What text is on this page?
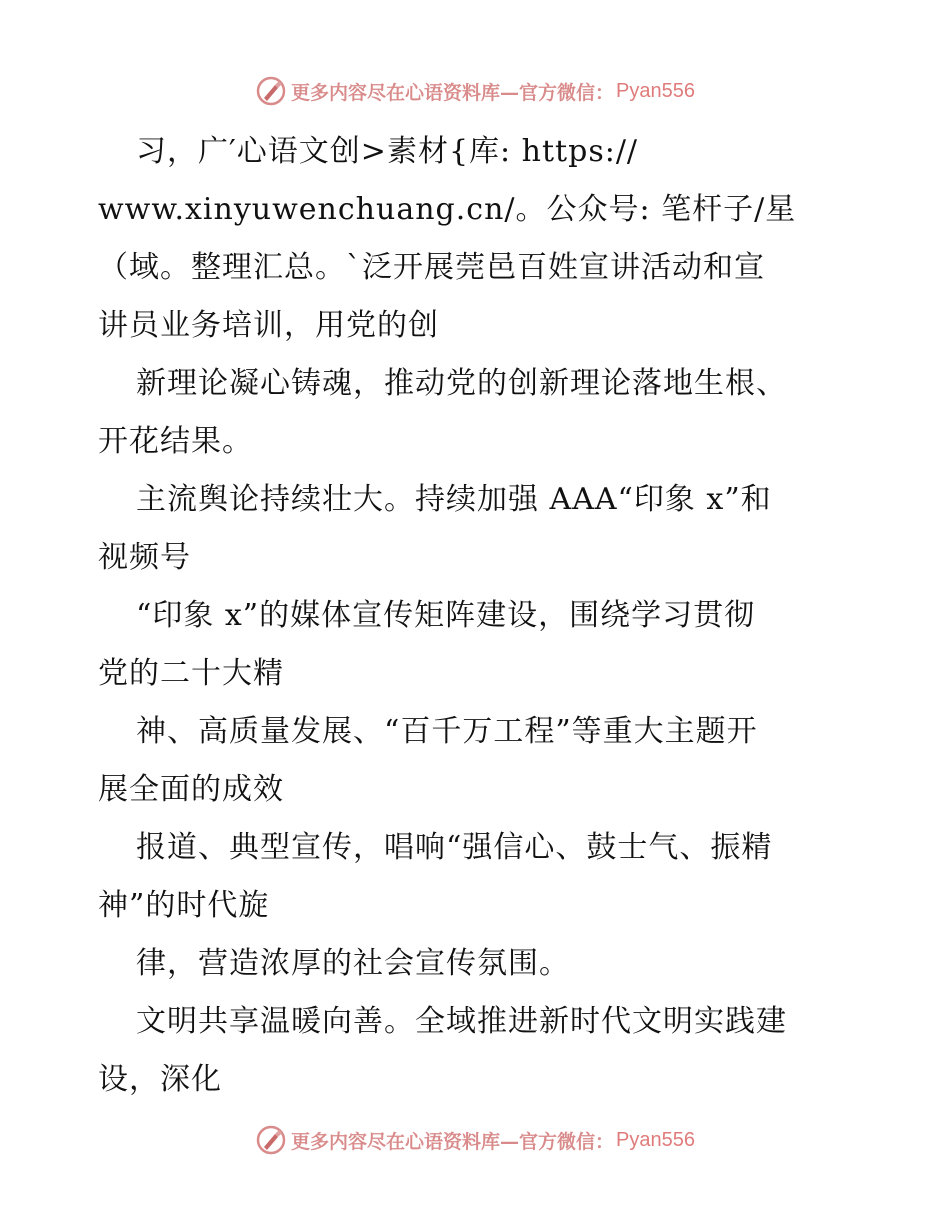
更多内容尽在心语资料库—官方微信： Pyan556
习，广′心语文创>素材{库: https://
www.xinyuwenchuang.cn/。公众号: 笔杆子/星
（域。整理汇总。`泛开展莞邑百姓宣讲活动和宣
讲员业务培训，用党的创
新理论凝心铸魂，推动党的创新理论落地生根、
开花结果。
主流舆论持续壮大。持续加强 AAA“印象 x”和
视频号
“印象 x”的媒体宣传矩阵建设，围绕学习贯彻
党的二十大精
神、高质量发展、“百千万工程”等重大主题开
展全面的成效
报道、典型宣传，唱响“强信心、鼓士气、振精
神”的时代旋
律，营造浓厚的社会宣传氛围。
文明共享温暖向善。全域推进新时代文明实践建
设，深化
更多内容尽在心语资料库—官方微信： Pyan556
